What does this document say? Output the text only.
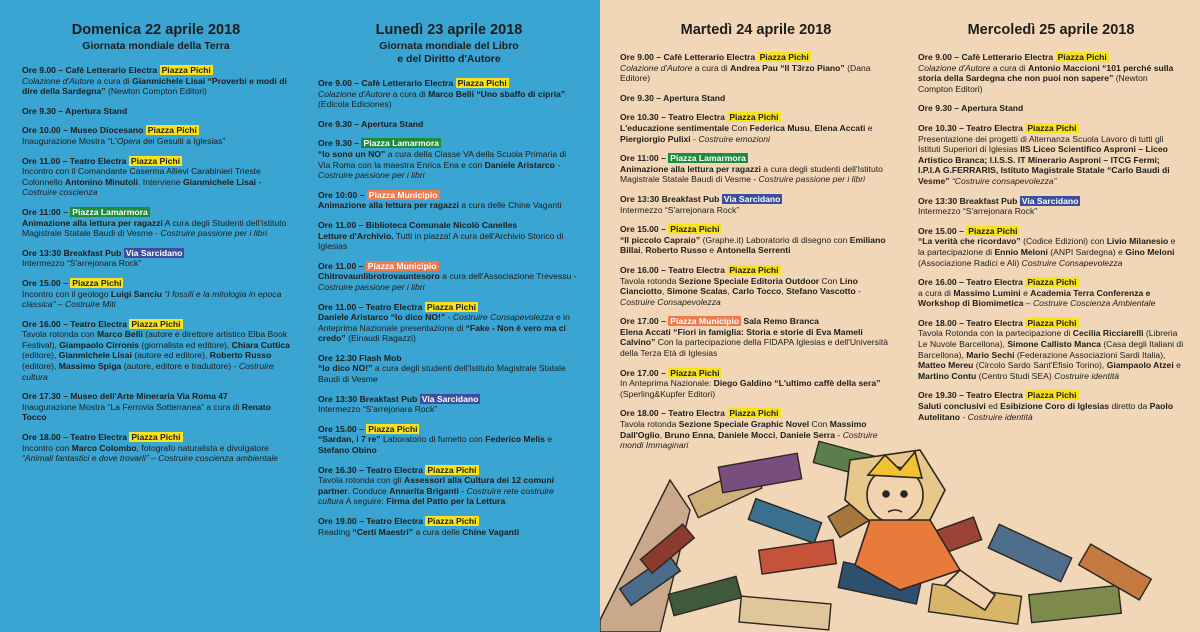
Domenica 22 aprile 2018
Giornata mondiale della Terra
Ore 9.00 – Cafè Letterario Electra Piazza Pichi
Colazione d'Autore a cura di Gianmichele Lisai “Proverbi e modi di dire della Sardegna” (Newton Compton Editori)
Ore 9.30 – Apertura Stand
Ore 10.00 – Museo Diocesano Piazza Pichi
Inaugurazione Mostra “L'Opera dei Gesuiti a Iglesias”
Ore 11.00 – Teatro Electra Piazza Pichi
Incontro con il Comandante Caserma Allievi Carabinieri Trieste Colonnello Antonino Minutoli. Interviene Gianmichele Lisai - Costruire coscienza
Ore 11:00 – Piazza Lamarmora
Animazione alla lettura per ragazzi A cura degli Studenti dell'Istituto Magistrale Statale Baudi di Vesme - Costruire passione per i libri
Ore 13:30 Breakfast Pub Via Sarcidano
Intermezzo “S'arrejonara Rock”
Ore 15.00 – Piazza Pichi
Incontro con il geologo Luigi Sanciu “I fossili e la mitologia in epoca classica” – Costruire Miti
Ore 16.00 – Teatro Electra Piazza Pichi
Tavola rotonda con Marco Belli (autore e direttore artistico Elba Book Festival), Giampaolo Cirronis (giornalista ed editore), Chiara Cuttica (editore), Gianmichele Lisai (autore ed editore), Roberto Russo (editore), Massimo Spiga (autore, editore e traduttore) - Costruire cultura
Ore 17.30 – Museo dell'Arte Mineraria Via Roma 47
Inaugurazione Mostra “La Ferrovia Sotterranea” a cura di Renato Tocco
Ore 18.00 – Teatro Electra Piazza Pichi
Incontro con Marco Colombo, fotografo naturalista e divulgatore “Animali fantastici e dove trovarli” – Costruire coscienza ambientale
Lunedì 23 aprile 2018
Giornata mondiale del Libro
e del Diritto d'Autore
Ore 9.00 – Cafè Letterario Electra Piazza Pichi
Colazione d'Autore a cura di Marco Belli “Uno sbaffo di cipria” (Edicola Ediciones)
Ore 9.30 – Apertura Stand
Ore 9.30 – Piazza Lamarmora
“Io sono un NO” a cura della Classe VA della Scuola Primaria di Via Roma con la maestra Enrica Ena e con Daniele Aristarco - Costruire passione per i libri
Ore 10:00 – Piazza Municipio
Animazione alla lettura per ragazzi a cura delle Chine Vaganti
Ore 11.00 – Biblioteca Comunale Nicolò Canelles
Letture d'Archivio. Tutti in piazza! A cura dell'Archivio Storico di Iglesias
Ore 11.00 – Piazza Municipio
Chitrovaunlibrotrovauntesoro a cura dell'Associazione Trevessu - Costruire passione per i libri
Ore 11.00 – Teatro Electra Piazza Pichi
Daniele Aristarco “Io dico NO!” - Costruire Consapevolezza e in Anteprima Nazionale presentazione di “Fake - Non è vero ma ci credo” (Einaudi Ragazzi)
Ore 12.30 Flash Mob
“Io dico NO!” a cura degli studenti dell'Istituto Magistrale Statale Baudi di Vesme
Ore 13:30 Breakfast Pub Via Sarcidano
Intermezzo “S'arrejonara Rock”
Ore 15.00 – Piazza Pichi
“Sardan, i 7 re” Laboratorio di fumetto con Federico Melis e Stefano Obino
Ore 16.30 – Teatro Electra Piazza Pichi
Tavola rotonda con gli Assessori alla Cultura dei 12 comuni partner. Conduce Annarita Briganti - Costruire rete costruire cultura A seguire: Firma del Patto per la Lettura
Ore 19.00 – Teatro Electra Piazza Pichi
Reading “Certi Maestri” a cura delle Chine Vaganti
Martedì 24 aprile 2018
Ore 9.00 – Cafè Letterario Electra Piazza Pichi
Colazione d'Autore a cura di Andrea Pau “Il T3rzo Piano” (Dana Editore)
Ore 9.30 – Apertura Stand
Ore 10.30 – Teatro Electra Piazza Pichi
L'educazione sentimentale Con Federica Musu, Elena Accati e Piergiorgio Pulixi - Costruire emozioni
Ore 11:00 – Piazza Lamarmora
Animazione alla lettura per ragazzi a cura degli studenti dell'Istituto Magistrale Statale Baudi di Vesme - Costruire passione per i libri
Ore 13:30 Breakfast Pub Via Sarcidano
Intermezzo “S'arrejonara Rock”
Ore 15.00 – Piazza Pichi
“Il piccolo Capraio” (Graphe.it) Laboratorio di disegno con Emiliano Billai, Roberto Russo e Antonella Serrenti
Ore 16.00 – Teatro Electra Piazza Pichi
Tavola rotonda Sezione Speciale Editoria Outdoor Con Lino Cianciotto, Simone Scalas, Carlo Tocco, Stefano Vascotto - Costruire Consapevolezza
Ore 17.00 – Piazza Municipio Sala Remo Branca
Elena Accati “Fiori in famiglia: Storia e storie di Eva Mameli Calvino” Con la partecipazione della FIDAPA Iglesias e dell'Università della Terza Età di Iglesias
Ore 17.00 – Piazza Pichi
In Anteprima Nazionale: Diego Galdino “L'ultimo caffè della sera” (Sperling&Kupfer Editori)
Ore 18.00 – Teatro Electra Piazza Pichi
Tavola rotonda Sezione Speciale Graphic Novel Con Massimo Dall'Oglio, Bruno Enna, Daniele Mocci, Daniele Serra - Costruire mondi Immaginari
Mercoledì 25 aprile 2018
Ore 9.00 – Cafè Letterario Electra Piazza Pichi
Colazione d'Autore a cura di Antonio Maccioni “101 perché sulla storia della Sardegna che non puoi non sapere” (Newton Compton Editori)
Ore 9.30 – Apertura Stand
Ore 10.30 – Teatro Electra Piazza Pichi
Presentazione dei progetti di Alternanza Scuola Lavoro di tutti gli Istituti Superiori di Iglesias IIS Liceo Scientifico Asproni – Liceo Artistico Branca; I.I.S.S. IT Minerario Asproni – ITCG Fermi; I.P.I.A G.FERRARIS, Istituto Magistrale Statale “Carlo Baudi di Vesme” “Costruire consapevolezza”
Ore 13:30 Breakfast Pub Via Sarcidano
Intermezzo “S'arrejonara Rock”
Ore 15.00 – Piazza Pichi
“La verità che ricordavo” (Codice Edizioni) con Livio Milanesio e la partecipazione di Ennio Meloni (ANPI Sardegna) e Gino Meloni (Associazione Radici e Ali) Costruire Consapevolezza
Ore 16.00 – Teatro Electra Piazza Pichi
a cura di Massimo Lumini e Academia Terra Conferenza e Workshop di Biomimetica – Costruire Coscienza Ambientale
Ore 18.00 – Teatro Electra Piazza Pichi
Tavola Rotonda con la partecipazione di Cecilia Ricciarelli (Libreria Le Nuvole Barcellona), Simone Callisto Manca (Casa degli Italiani di Barcellona), Mario Sechi (Federazione Associazioni Sardi Italia), Matteo Mereu (Circolo Sardo Sant'Efisio Torino), Giampaolo Atzei e Martino Contu (Centro Studi SEA) Costruire identità
Ore 19.30 – Teatro Electra Piazza Pichi
Saluti conclusivi ed Esibizione Coro di Iglesias diretto da Paolo Autelitano - Costruire identità
